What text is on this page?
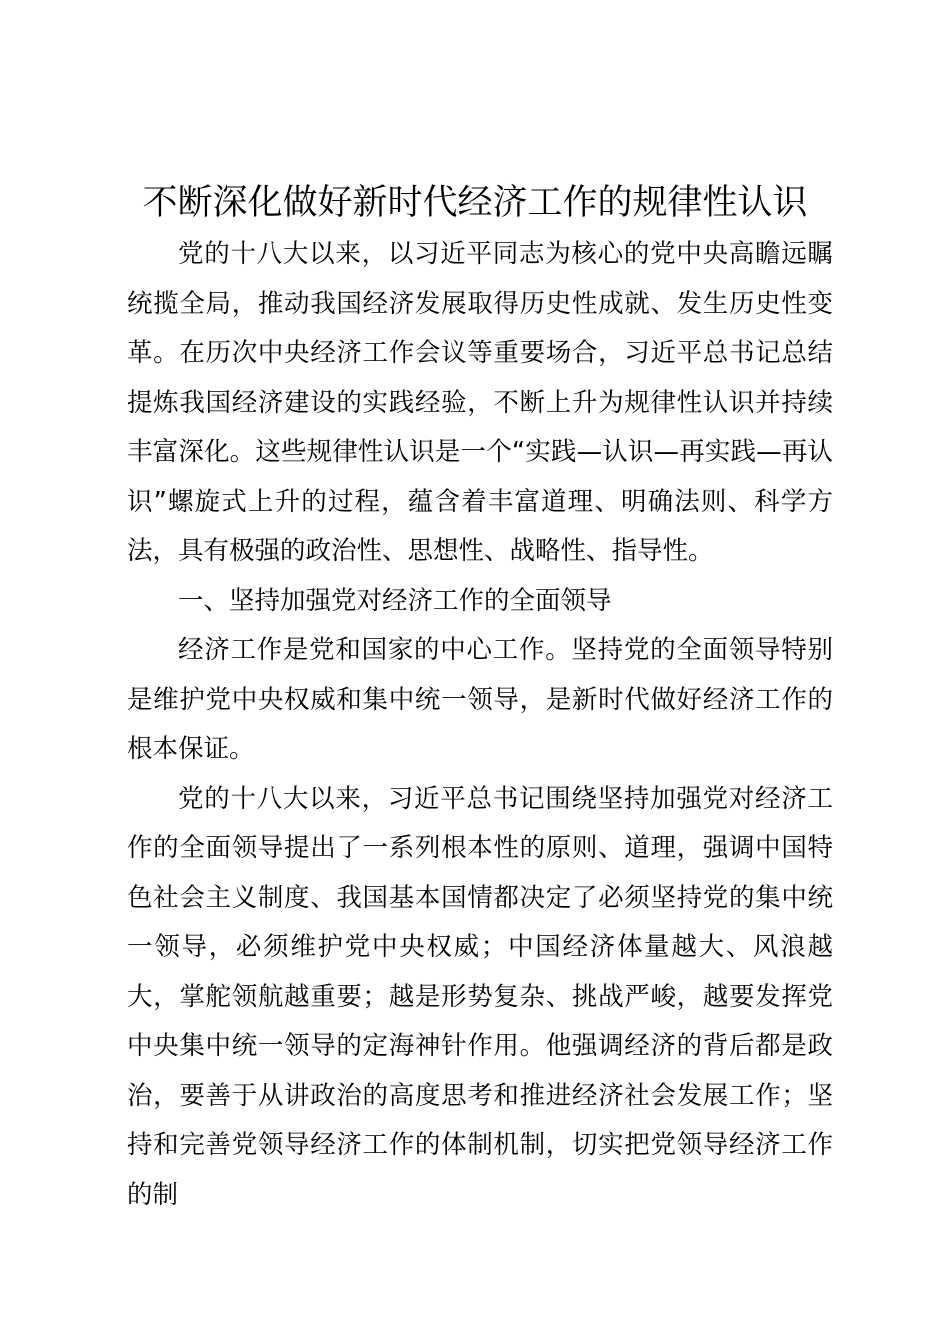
不断深化做好新时代经济工作的规律性认识

党的十八大以来，以习近平同志为核心的党中央高瞻远瞩统揽全局，推动我国经济发展取得历史性成就、发生历史性变革。在历次中央经济工作会议等重要场合，习近平总书记总结提炼我国经济建设的实践经验，不断上升为规律性认识并持续丰富深化。这些规律性认识是一个“实践—认识—再实践—再认识”螺旋式上升的过程，蕴含着丰富道理、明确法则、科学方法，具有极强的政治性、思想性、战略性、指导性。

一、坚持加强党对经济工作的全面领导

经济工作是党和国家的中心工作。坚持党的全面领导特别是维护党中央权威和集中统一领导，是新时代做好经济工作的根本保证。

党的十八大以来，习近平总书记围绕坚持加强党对经济工作的全面领导提出了一系列根本性的原则、道理，强调中国特色社会主义制度、我国基本国情都决定了必须坚持党的集中统一领导，必须维护党中央权威；中国经济体量越大、风浪越大，掌舵领航越重要；越是形势复杂、挑战严峻，越要发挥党中央集中统一领导的定海神针作用。他强调经济的背后都是政治，要善于从讲政治的高度思考和推进经济社会发展工作；坚持和完善党领导经济工作的体制机制，切实把党领导经济工作的制
